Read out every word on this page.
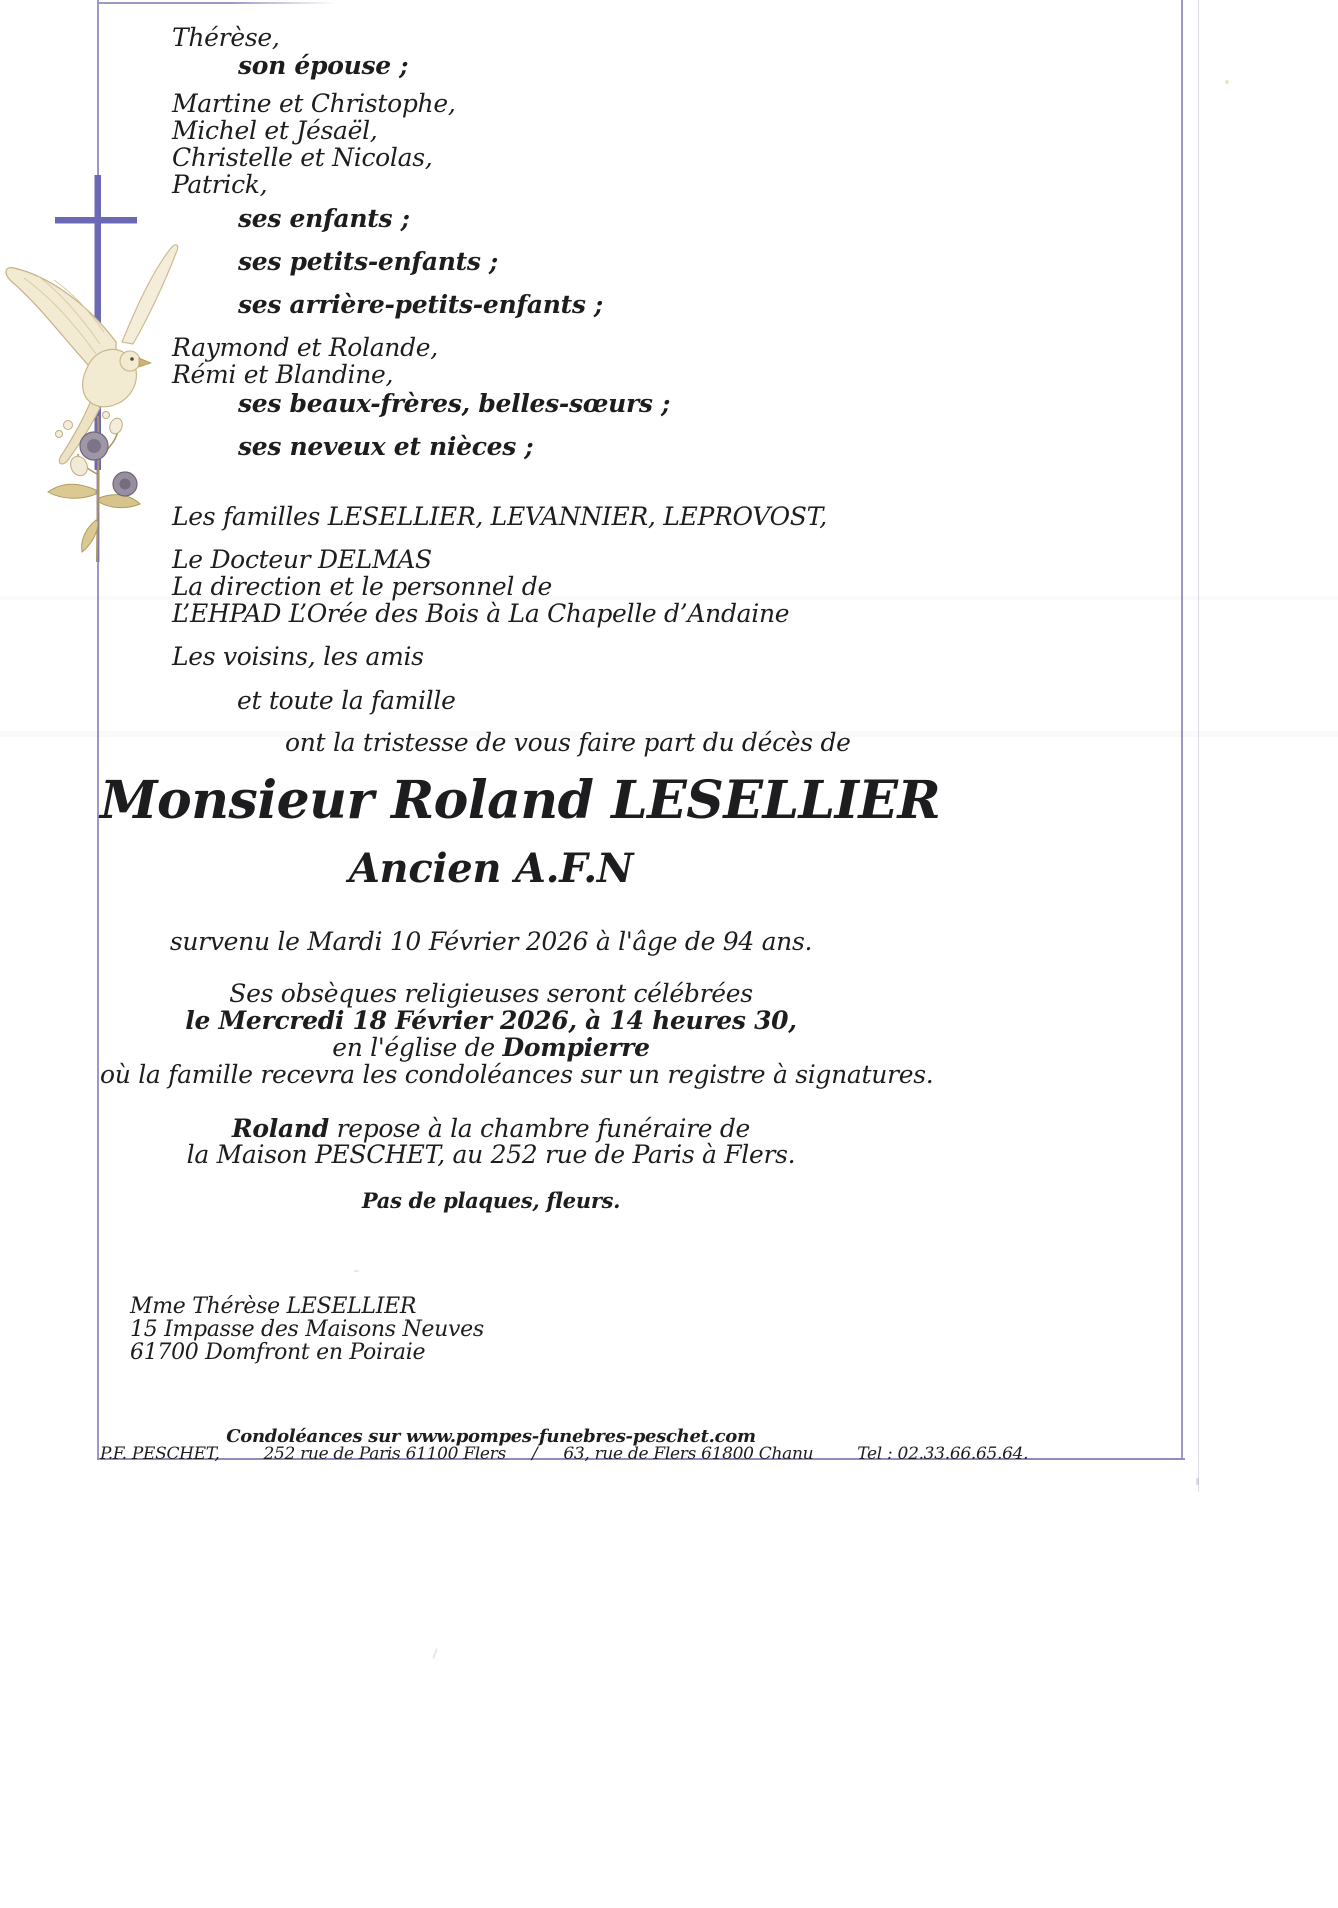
Thérèse,
son épouse ;
Martine et Christophe,
Michel et Jésaël,
Christelle et Nicolas,
Patrick,
ses enfants ;
ses petits-enfants ;
ses arrière-petits-enfants ;
Raymond et Rolande,
Rémi et Blandine,
ses beaux-frères, belles-sœurs ;
ses neveux et nièces ;
Les familles LESELLIER, LEVANNIER, LEPROVOST,
Le Docteur DELMAS
La direction et le personnel de
L’EHPAD L’Orée des Bois à La Chapelle d’Andaine
Les voisins, les amis
et toute la famille
ont la tristesse de vous faire part du décès de
Monsieur Roland LESELLIER
Ancien A.F.N
survenu le Mardi 10 Février 2026 à l'âge de 94 ans.
Ses obsèques religieuses seront célébrées
le Mercredi 18 Février 2026, à 14 heures 30,
en l'église de Dompierre
où la famille recevra les condoléances sur un registre à signatures.
Roland repose à la chambre funéraire de
la Maison PESCHET, au 252 rue de Paris à Flers.
Pas de plaques, fleurs.
Mme Thérèse LESELLIER
15 Impasse des Maisons Neuves
61700 Domfront en Poiraie
Condoléances sur www.pompes-funebres-peschet.com
P.F. PESCHET,	252 rue de Paris 61100 Flers / 63, rue de Flers 61800 Chanu	Tel : 02.33.66.65.64.
